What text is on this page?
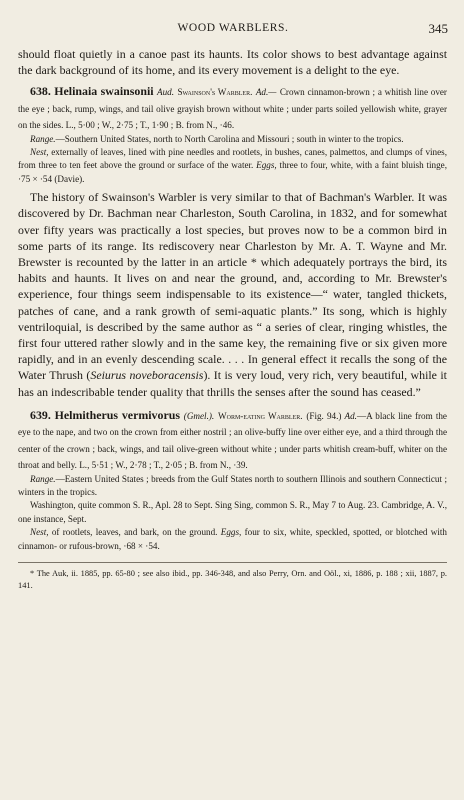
WOOD WARBLERS.	345

should float quietly in a canoe past its haunts. Its color shows to best advantage against the dark background of its home, and its every movement is a delight to the eye.

638. Helinaia swainsonii Aud. Swainson's Warbler. Ad.— Crown cinnamon-brown ; a whitish line over the eye ; back, rump, wings, and tail olive grayish brown without white ; under parts soiled yellowish white, grayer on the sides. L., 5·00 ; W., 2·75 ; T., 1·90 ; B. from N., ·46.

Range.—Southern United States, north to North Carolina and Missouri ; south in winter to the tropics.

Nest, externally of leaves, lined with pine needles and rootlets, in bushes, canes, palmettos, and clumps of vines, from three to ten feet above the ground or surface of the water. Eggs, three to four, white, with a faint bluish tinge, ·75 × ·54 (Davie).

The history of Swainson's Warbler is very similar to that of Bachman's Warbler. It was discovered by Dr. Bachman near Charleston, South Carolina, in 1832, and for somewhat over fifty years was practically a lost species, but proves now to be a common bird in some parts of its range. Its rediscovery near Charleston by Mr. A. T. Wayne and Mr. Brewster is recounted by the latter in an article * which adequately portrays the bird, its habits and haunts. It lives on and near the ground, and, according to Mr. Brewster's experience, four things seem indispensable to its existence—“ water, tangled thickets, patches of cane, and a rank growth of semi-aquatic plants.” Its song, which is highly ventriloquial, is described by the same author as “ a series of clear, ringing whistles, the first four uttered rather slowly and in the same key, the remaining five or six given more rapidly, and in an evenly descending scale. . . . In general effect it recalls the song of the Water Thrush (Seiurus noveboracensis). It is very loud, very rich, very beautiful, while it has an indescribable tender quality that thrills the senses after the sound has ceased.”

639. Helmitherus vermivorus (Gmel.). Worm-eating Warbler. (Fig. 94.) Ad.—A black line from the eye to the nape, and two on the crown from either nostril ; an olive-buffy line over either eye, and a third through the center of the crown ; back, wings, and tail olive-green without white ; under parts whitish cream-buff, whiter on the throat and belly. L., 5·51 ; W., 2·78 ; T., 2·05 ; B. from N., ·39.

Range.—Eastern United States ; breeds from the Gulf States north to southern Illinois and southern Connecticut ; winters in the tropics.

Washington, quite common S. R., Apl. 28 to Sept. Sing Sing, common S. R., May 7 to Aug. 23. Cambridge, A. V., one instance, Sept.

Nest, of rootlets, leaves, and bark, on the ground. Eggs, four to six, white, speckled, spotted, or blotched with cinnamon- or rufous-brown, ·68 × ·54.

* The Auk, ii. 1885, pp. 65-80 ; see also ibid., pp. 346-348, and also Perry, Orn. and Oöl., xi, 1886, p. 188 ; xii, 1887, p. 141.
